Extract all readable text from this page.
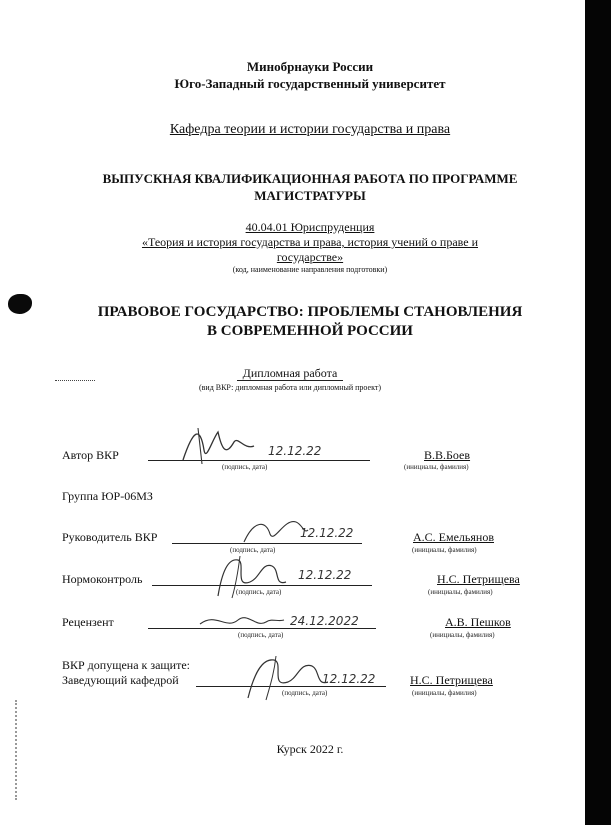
Минобрнауки России
Юго-Западный государственный университет
Кафедра теории и истории государства и права
ВЫПУСКНАЯ КВАЛИФИКАЦИОННАЯ РАБОТА ПО ПРОГРАММЕ
МАГИСТРАТУРЫ
40.04.01 Юриспруденция
«Теория и история государства и права, история учений о праве и
государстве»
(код, наименование направления подготовки)
ПРАВОВОЕ ГОСУДАРСТВО: ПРОБЛЕМЫ СТАНОВЛЕНИЯ
В СОВРЕМЕННОЙ РОССИИ
Дипломная работа
(вид ВКР: дипломная работа или дипломный проект)
Автор ВКР	12.12.22
(подпись, дата)
В.В.Боев
(инициалы, фамилия)
Группа ЮР-06МЗ
Руководитель ВКР	12.12.22
(подпись, дата)
А.С. Емельянов
(инициалы, фамилия)
Нормоконтроль	12.12.22
(подпись, дата)
Н.С. Петрищева
(инициалы, фамилия)
Рецензент	24.12.2022
(подпись, дата)
А.В. Пешков
(инициалы, фамилия)
ВКР допущена к защите:
Заведующий кафедрой	12.12.22
(подпись, дата)
Н.С. Петрищева
(инициалы, фамилия)
Курск 2022 г.
